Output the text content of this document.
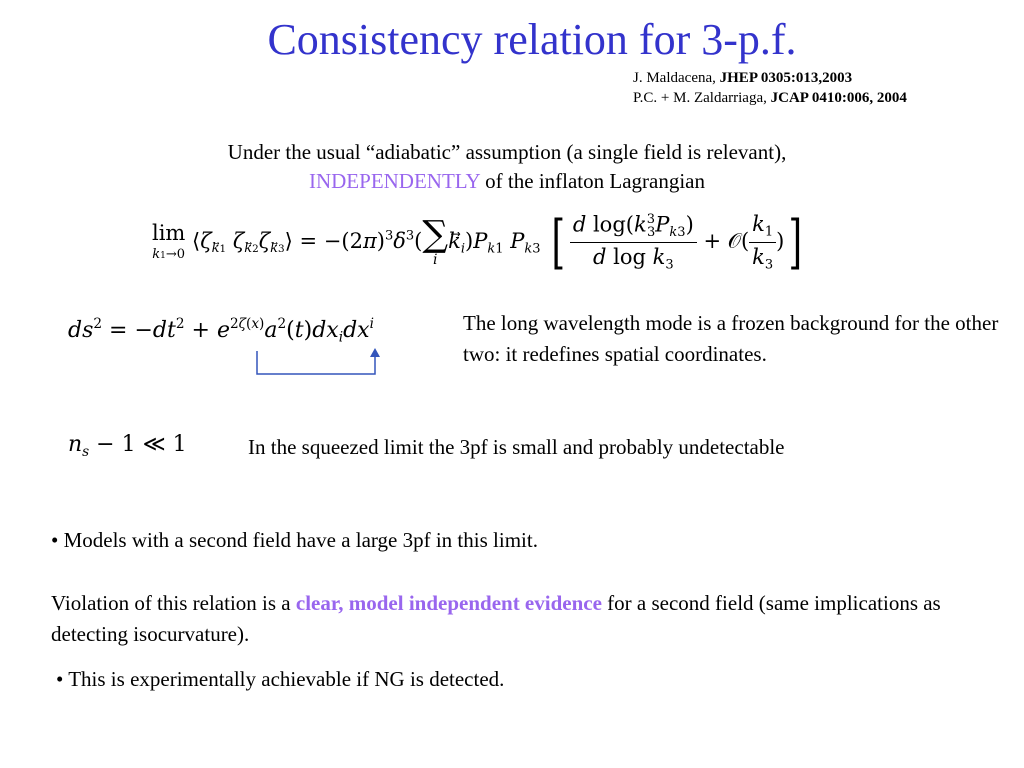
Consistency relation for 3-p.f.
J. Maldacena, JHEP 0305:013,2003
P.C. + M. Zaldarriaga, JCAP 0410:006, 2004
Under the usual “adiabatic” assumption (a single field is relevant),
INDEPENDENTLY of the inflaton Lagrangian
lim
k1→0
$⟨\zeta_{k1}$ $\zeta_{k2}\zeta_{k3}⟩ = -(2\pi)^3\delta^3$( ∑
i
$k_i)P_{k1}$ $P_{k3}$ [ $\frac{d \log(k^3_3P_{k3})}{d \log k_3}$ + 𝒪( $\frac{k_1}{k_3}$ )]
$ds^2 = -dt^2 + e^{2\zeta(x)}a^2(t)dx_idx^i$	The long wavelength mode is a frozen background for the other two: it redefines spatial coordinates.
$n_s - 1$ ≪ 1	In the squeezed limit the 3pf is small and probably undetectable
• Models with a second field have a large 3pf in this limit.
Violation of this relation is a clear, model independent evidence for a second field (same implications as detecting isocurvature).
• This is experimentally achievable if NG is detected.
